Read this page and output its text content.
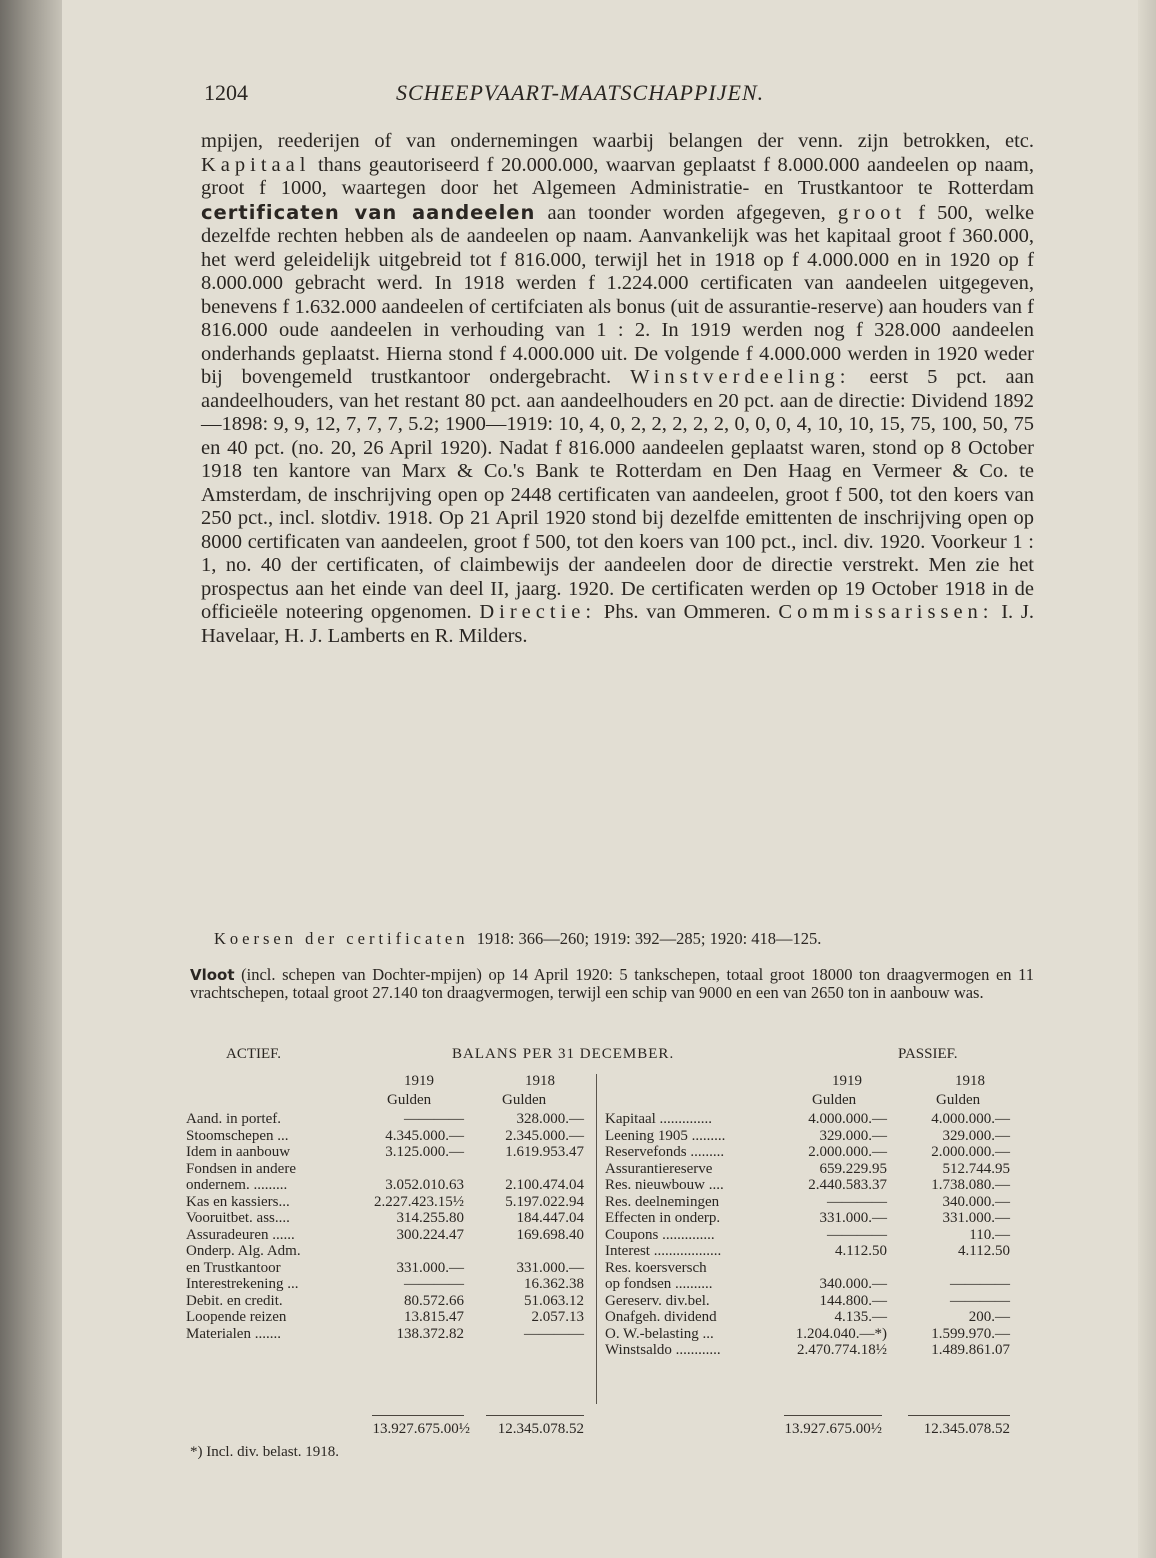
1204	SCHEEPVAART-MAATSCHAPPIJEN.

mpijen, reederijen of van ondernemingen waarbij belangen der venn. zijn betrokken, etc. Kapitaal thans geautoriseerd f 20.000.000, waarvan geplaatst f 8.000.000 aandeelen op naam, groot f 1000, waartegen door het Algemeen Administratie- en Trustkantoor te Rotterdam certificaten van aandeelen aan toonder worden afgegeven, groot f 500, welke dezelfde rechten hebben als de aandeelen op naam. Aanvankelijk was het kapitaal groot f 360.000, het werd geleidelijk uitgebreid tot f 816.000, terwijl het in 1918 op f 4.000.000 en in 1920 op f 8.000.000 gebracht werd. In 1918 werden f 1.224.000 certificaten van aandeelen uitgegeven, benevens f 1.632.000 aandeelen of certifciaten als bonus (uit de assurantie-reserve) aan houders van f 816.000 oude aandeelen in verhouding van 1 : 2. In 1919 werden nog f 328.000 aandeelen onderhands geplaatst. Hierna stond f 4.000.000 uit. De volgende f 4.000.000 werden in 1920 weder bij bovengemeld trustkantoor ondergebracht. Winstverdeeling: eerst 5 pct. aan aandeelhouders, van het restant 80 pct. aan aandeelhouders en 20 pct. aan de directie: Dividend 1892—1898: 9, 9, 12, 7, 7, 7, 5.2; 1900—1919: 10, 4, 0, 2, 2, 2, 2, 2, 0, 0, 0, 4, 10, 10, 15, 75, 100, 50, 75 en 40 pct. (no. 20, 26 April 1920). Nadat f 816.000 aandeelen geplaatst waren, stond op 8 October 1918 ten kantore van Marx & Co.'s Bank te Rotterdam en Den Haag en Vermeer & Co. te Amsterdam, de inschrijving open op 2448 certificaten van aandeelen, groot f 500, tot den koers van 250 pct., incl. slotdiv. 1918. Op 21 April 1920 stond bij dezelfde emittenten de inschrijving open op 8000 certificaten van aandeelen, groot f 500, tot den koers van 100 pct., incl. div. 1920. Voorkeur 1 : 1, no. 40 der certificaten, of claimbewijs der aandeelen door de directie verstrekt. Men zie het prospectus aan het einde van deel II, jaarg. 1920. De certificaten werden op 19 October 1918 in de officieële noteering opgenomen. Directie: Phs. van Ommeren. Commissarissen: I. J. Havelaar, H. J. Lamberts en R. Milders.

Koersen der certificaten 1918: 366—260; 1919: 392—285; 1920: 418—125.

Vloot (incl. schepen van Dochter-mpijen) op 14 April 1920: 5 tankschepen, totaal groot 18000 ton draagvermogen en 11 vrachtschepen, totaal groot 27.140 ton draagvermogen, terwijl een schip van 9000 en een van 2650 ton in aanbouw was.

ACTIEF.	BALANS PER 31 DECEMBER.	PASSIEF.
1919	1918
Gulden	Gulden
1919	1918
Gulden	Gulden
Aand. in portef.	————	328.000.—
Stoomschepen ...	4.345.000.—	2.345.000.—
Idem in aanbouw	3.125.000.—	1.619.953.47
Fondsen in andere
ondernem. .........	3.052.010.63	2.100.474.04
Kas en kassiers...	2.227.423.15½	5.197.022.94
Vooruitbet. ass....	314.255.80	184.447.04
Assuradeuren ......	300.224.47	169.698.40
Onderp. Alg. Adm.
en Trustkantoor	331.000.—	331.000.—
Interestrekening ...	————	16.362.38
Debit. en credit.	80.572.66	51.063.12
Loopende reizen	13.815.47	2.057.13
Materialen .......	138.372.82	————
Kapitaal ..............	4.000.000.—	4.000.000.—
Leening 1905 .........	329.000.—	329.000.—
Reservefonds .........	2.000.000.—	2.000.000.—
Assurantiereserve	659.229.95	512.744.95
Res. nieuwbouw ....	2.440.583.37	1.738.080.—
Res. deelnemingen	————	340.000.—
Effecten in onderp.	331.000.—	331.000.—
Coupons ..............	————	110.—
Interest ..................	4.112.50	4.112.50
Res. koersversch
op fondsen ..........	340.000.—	————
Gereserv. div.bel.	144.800.—	————
Onafgeh. dividend	4.135.—	200.—
O. W.-belasting ...	1.204.040.—*)	1.599.970.—
Winstsaldo ............	2.470.774.18½	1.489.861.07
13.927.675.00½	12.345.078.52	13.927.675.00½	12.345.078.52
*) Incl. div. belast. 1918.
